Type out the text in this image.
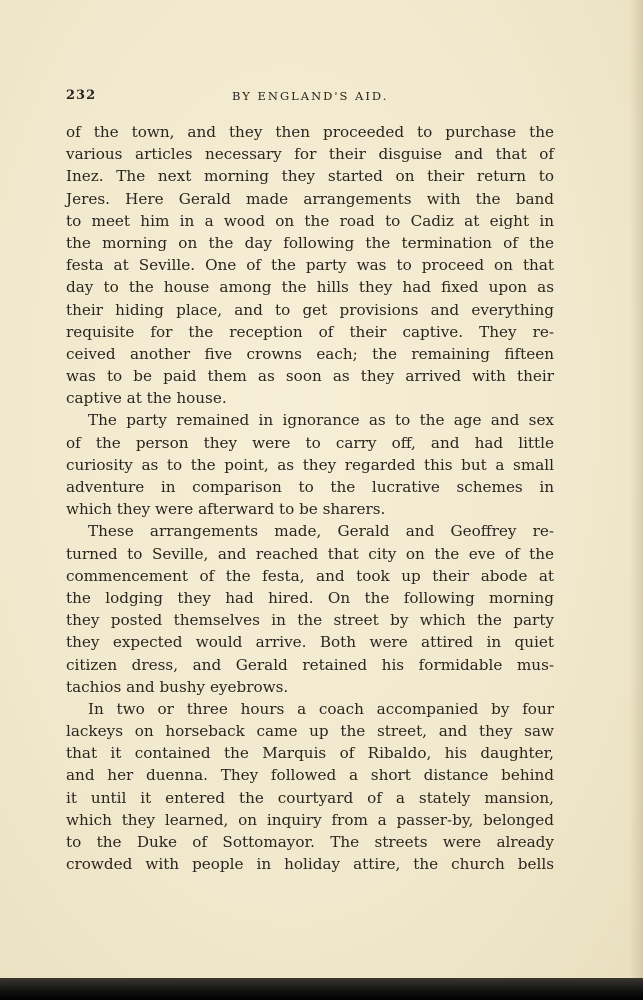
232	BY ENGLAND'S AID.
of the town, and they then proceeded to purchase the
various articles necessary for their disguise and that of
Inez. The next morning they started on their return to
Jeres. Here Gerald made arrangements with the band
to meet him in a wood on the road to Cadiz at eight in
the morning on the day following the termination of the
festa at Seville. One of the party was to proceed on that
day to the house among the hills they had fixed upon as
their hiding place, and to get provisions and everything
requisite for the reception of their captive. They re-
ceived another five crowns each; the remaining fifteen
was to be paid them as soon as they arrived with their
captive at the house.
The party remained in ignorance as to the age and sex
of the person they were to carry off, and had little
curiosity as to the point, as they regarded this but a small
adventure in comparison to the lucrative schemes in
which they were afterward to be sharers.
These arrangements made, Gerald and Geoffrey re-
turned to Seville, and reached that city on the eve of the
commencement of the festa, and took up their abode at
the lodging they had hired. On the following morning
they posted themselves in the street by which the party
they expected would arrive. Both were attired in quiet
citizen dress, and Gerald retained his formidable mus-
tachios and bushy eyebrows.
In two or three hours a coach accompanied by four
lackeys on horseback came up the street, and they saw
that it contained the Marquis of Ribaldo, his daughter,
and her duenna. They followed a short distance behind
it until it entered the courtyard of a stately mansion,
which they learned, on inquiry from a passer-by, belonged
to the Duke of Sottomayor. The streets were already
crowded with people in holiday attire, the church bells
